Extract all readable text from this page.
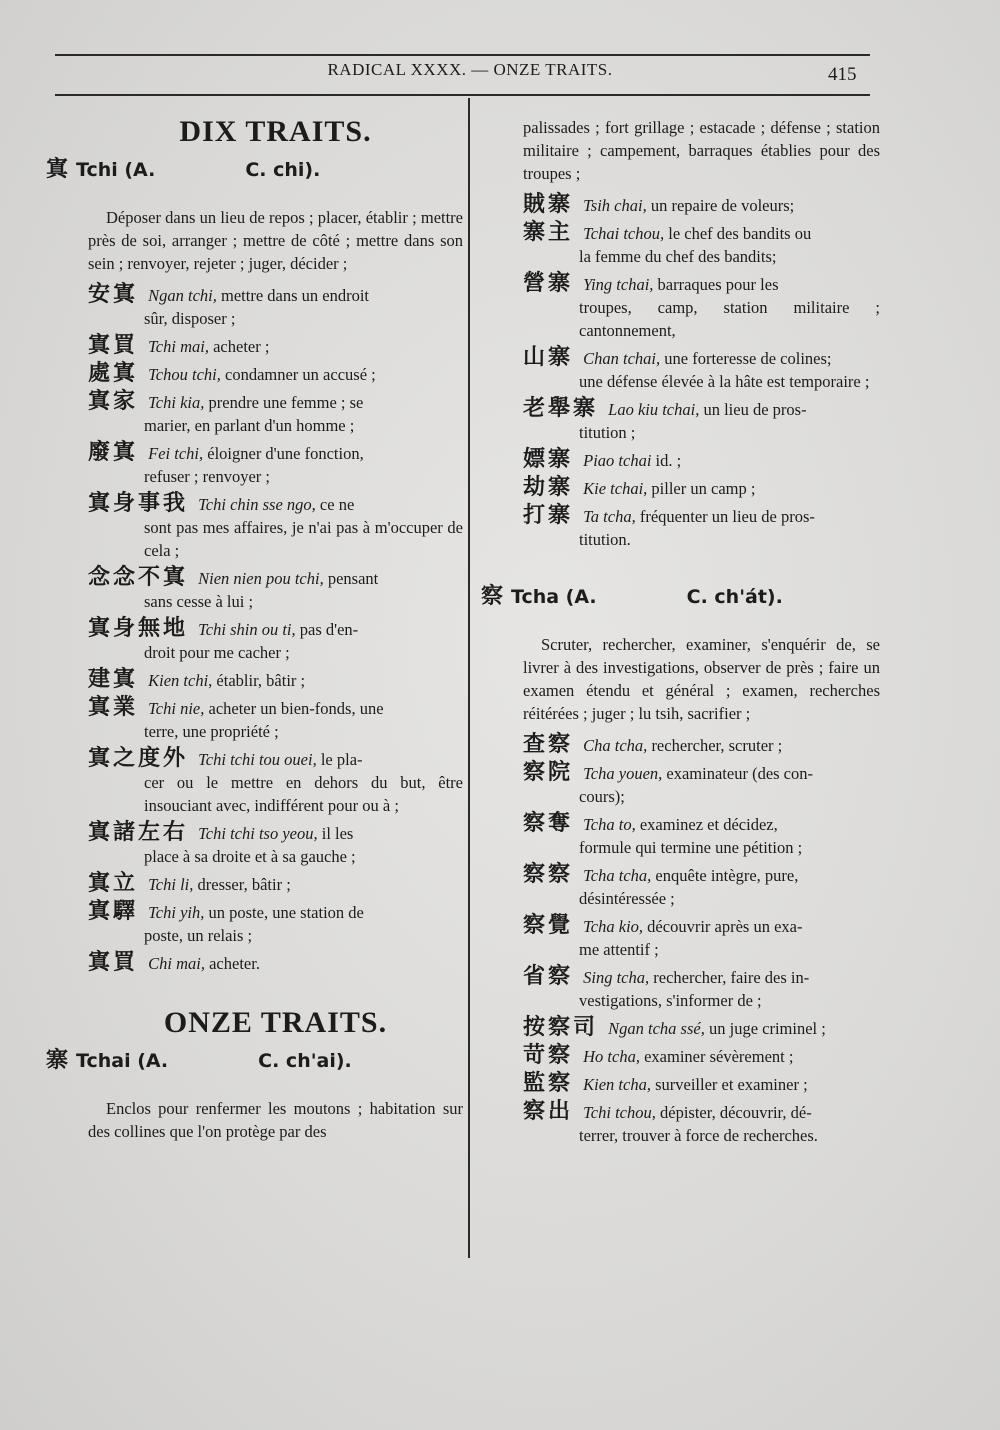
RADICAL XXXX. — ONZE TRAITS.	415
DIX TRAITS.
寘 Tchi (A.	C. chi).

Déposer dans un lieu de repos ; placer, établir ; mettre près de soi, arranger ; mettre de côté ; mettre dans son sein ; renvoyer, rejeter ; juger, décider ;

安寘 Ngan tchi, mettre dans un endroit
sûr, disposer ;

寘買 Tchi mai, acheter ;

處寘 Tchou tchi, condamner un accusé ;

寘家 Tchi kia, prendre une femme ; se
marier, en parlant d'un homme ;

廢寘 Fei tchi, éloigner d'une fonction,
refuser ; renvoyer ;

寘身事我 Tchi chin sse ngo, ce ne
sont pas mes affaires, je n'ai pas à m'occuper de cela ;

念念不寘 Nien nien pou tchi, pensant
sans cesse à lui ;

寘身無地 Tchi shin ou ti, pas d'en-
droit pour me cacher ;

建寘 Kien tchi, établir, bâtir ;

寘業 Tchi nie, acheter un bien-fonds, une
terre, une propriété ;

寘之度外 Tchi tchi tou ouei, le pla-
cer ou le mettre en dehors du but, être insouciant avec, indifférent pour ou à ;

寘諸左右 Tchi tchi tso yeou, il les
place à sa droite et à sa gauche ;

寘立 Tchi li, dresser, bâtir ;

寘驛 Tchi yih, un poste, une station de
poste, un relais ;

寘買 Chi mai, acheter.

ONZE TRAITS.
寨 Tchai (A.	C. ch'ai).

Enclos pour renfermer les moutons ; habitation sur des collines que l'on protège par des

palissades ; fort grillage ; estacade ; défense ; station militaire ; campement, barraques établies pour des troupes ;

賊寨 Tsih chai, un repaire de voleurs;

寨主 Tchai tchou, le chef des bandits ou
la femme du chef des bandits;

營寨 Ying tchai, barraques pour les
troupes, camp, station militaire ; cantonnement,

山寨 Chan tchai, une forteresse de colines;
une défense élevée à la hâte est temporaire ;

老舉寨 Lao kiu tchai, un lieu de pros-
titution ;

嫖寨 Piao tchai id. ;

劫寨 Kie tchai, piller un camp ;

打寨 Ta tcha, fréquenter un lieu de pros-
titution.

察 Tcha (A.	C. ch'át).

Scruter, rechercher, examiner, s'enquérir de, se livrer à des investigations, observer de près ; faire un examen étendu et général ; examen, recherches réitérées ; juger ; lu tsih, sacrifier ;

查察 Cha tcha, rechercher, scruter ;

察院 Tcha youen, examinateur (des con-
cours);

察奪 Tcha to, examinez et décidez,
formule qui termine une pétition ;

察察 Tcha tcha, enquête intègre, pure,
désintéressée ;

察覺 Tcha kio, découvrir après un exa-
me attentif ;

省察 Sing tcha, rechercher, faire des in-
vestigations, s'informer de ;

按察司 Ngan tcha ssé, un juge criminel ;

苛察 Ho tcha, examiner sévèrement ;

監察 Kien tcha, surveiller et examiner ;

察出 Tchi tchou, dépister, découvrir, dé-
terrer, trouver à force de recherches.
